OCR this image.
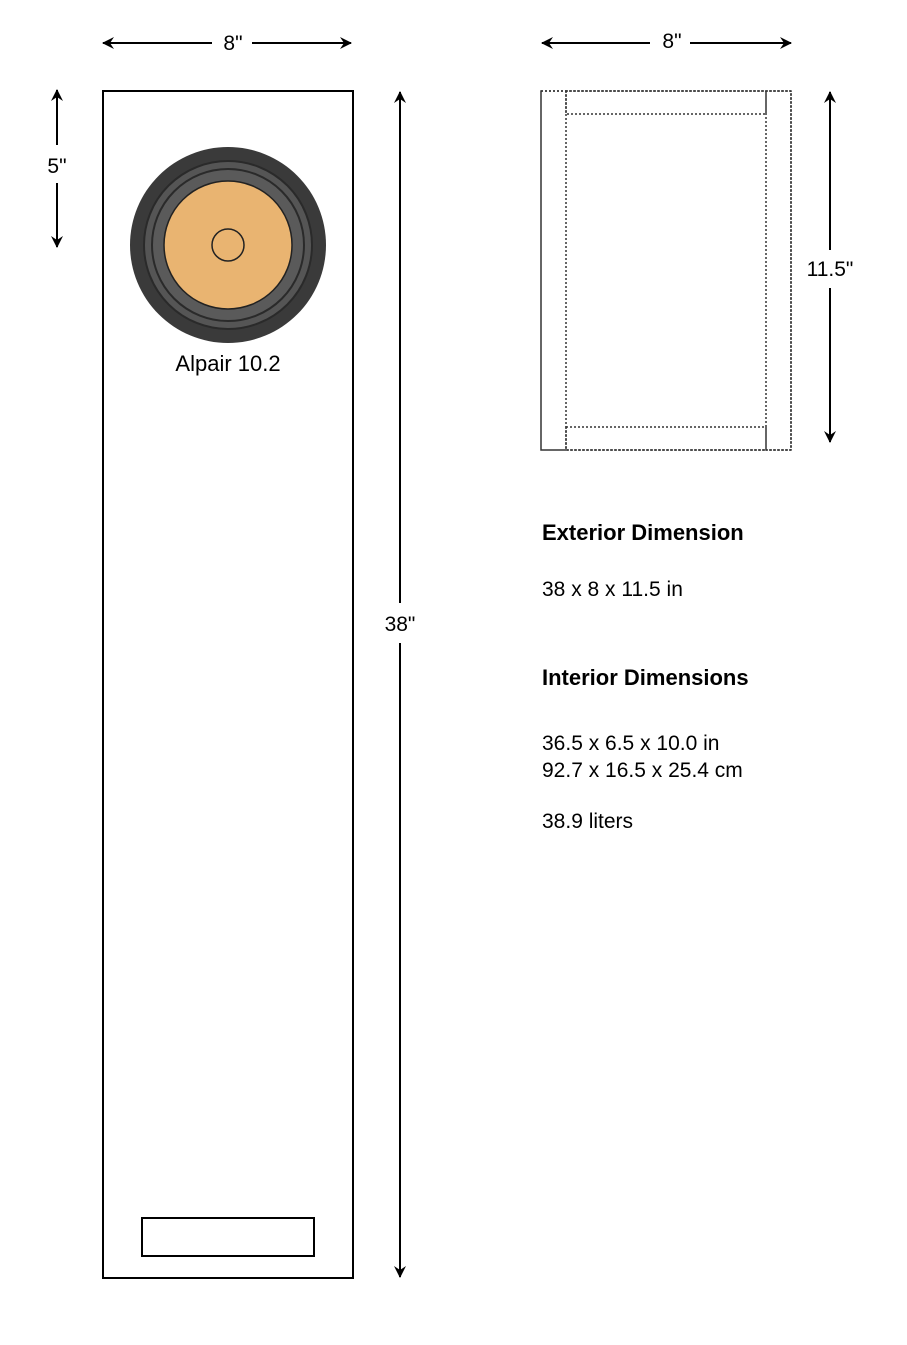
8"
5"
Alpair 10.2
38"
8"
11.5"

Exterior Dimension

38 x 8 x 11.5 in

Interior Dimensions

36.5 x 6.5 x 10.0 in

92.7 x 16.5 x 25.4 cm

38.9 liters
